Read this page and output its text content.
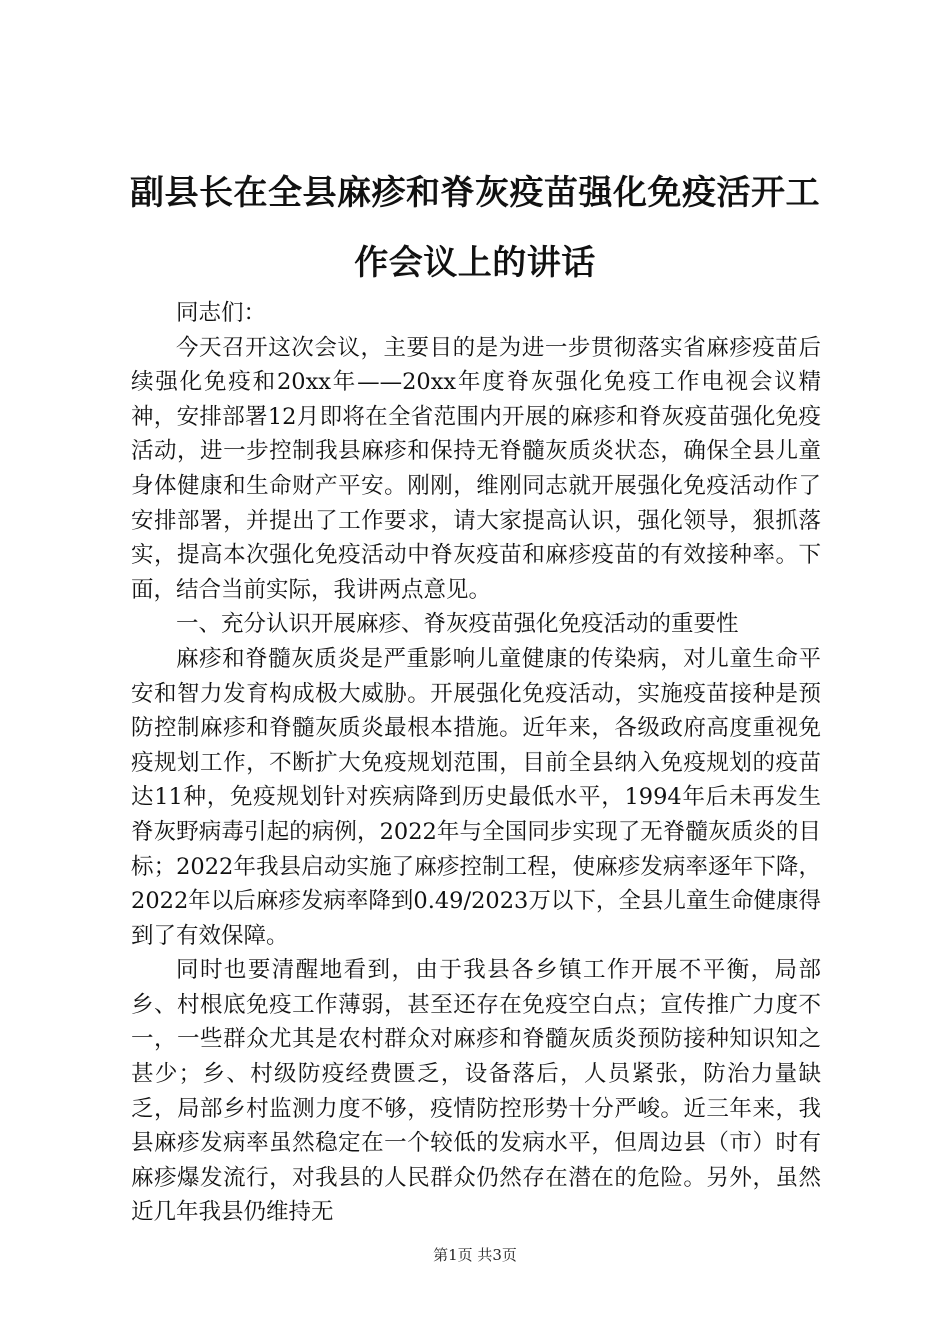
副县长在全县麻疹和脊灰疫苗强化免疫活开工作会议上的讲话

同志们：

今天召开这次会议，主要目的是为进一步贯彻落实省麻疹疫苗后续强化免疫和20xx年——20xx年度脊灰强化免疫工作电视会议精神，安排部署12月即将在全省范围内开展的麻疹和脊灰疫苗强化免疫活动，进一步控制我县麻疹和保持无脊髓灰质炎状态，确保全县儿童身体健康和生命财产平安。刚刚，维刚同志就开展强化免疫活动作了安排部署，并提出了工作要求，请大家提高认识，强化领导，狠抓落实，提高本次强化免疫活动中脊灰疫苗和麻疹疫苗的有效接种率。下面，结合当前实际，我讲两点意见。

一、充分认识开展麻疹、脊灰疫苗强化免疫活动的重要性

麻疹和脊髓灰质炎是严重影响儿童健康的传染病，对儿童生命平安和智力发育构成极大威胁。开展强化免疫活动，实施疫苗接种是预防控制麻疹和脊髓灰质炎最根本措施。近年来，各级政府高度重视免疫规划工作，不断扩大免疫规划范围，目前全县纳入免疫规划的疫苗达11种，免疫规划针对疾病降到历史最低水平，1994年后未再发生脊灰野病毒引起的病例，2022年与全国同步实现了无脊髓灰质炎的目标；2022年我县启动实施了麻疹控制工程，使麻疹发病率逐年下降，2022年以后麻疹发病率降到0.49/2023万以下，全县儿童生命健康得到了有效保障。

同时也要清醒地看到，由于我县各乡镇工作开展不平衡，局部乡、村根底免疫工作薄弱，甚至还存在免疫空白点；宣传推广力度不一，一些群众尤其是农村群众对麻疹和脊髓灰质炎预防接种知识知之甚少；乡、村级防疫经费匮乏，设备落后，人员紧张，防治力量缺乏，局部乡村监测力度不够，疫情防控形势十分严峻。近三年来，我县麻疹发病率虽然稳定在一个较低的发病水平，但周边县（市）时有麻疹爆发流行，对我县的人民群众仍然存在潜在的危险。另外，虽然近几年我县仍维持无

第1页 共3页
